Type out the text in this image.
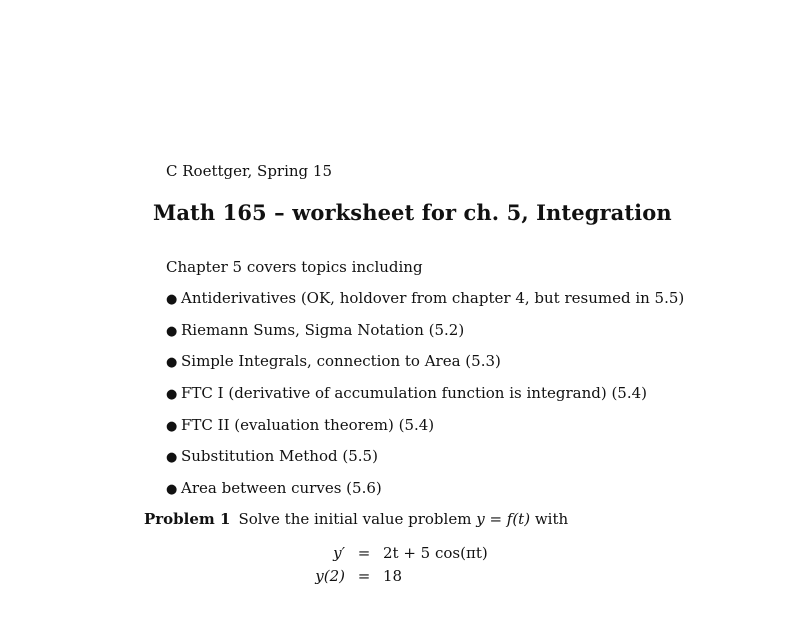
C Roettger, Spring 15
Math 165 – worksheet for ch. 5, Integration
Chapter 5 covers topics including
● Antiderivatives (OK, holdover from chapter 4, but resumed in 5.5)
● Riemann Sums, Sigma Notation (5.2)
● Simple Integrals, connection to Area (5.3)
● FTC I (derivative of accumulation function is integrand) (5.4)
● FTC II (evaluation theorem) (5.4)
● Substitution Method (5.5)
● Area between curves (5.6)
Problem 1 Solve the initial value problem y = f(t) with
y′ = 2t + 5 cos(πt)
y(2) = 18
